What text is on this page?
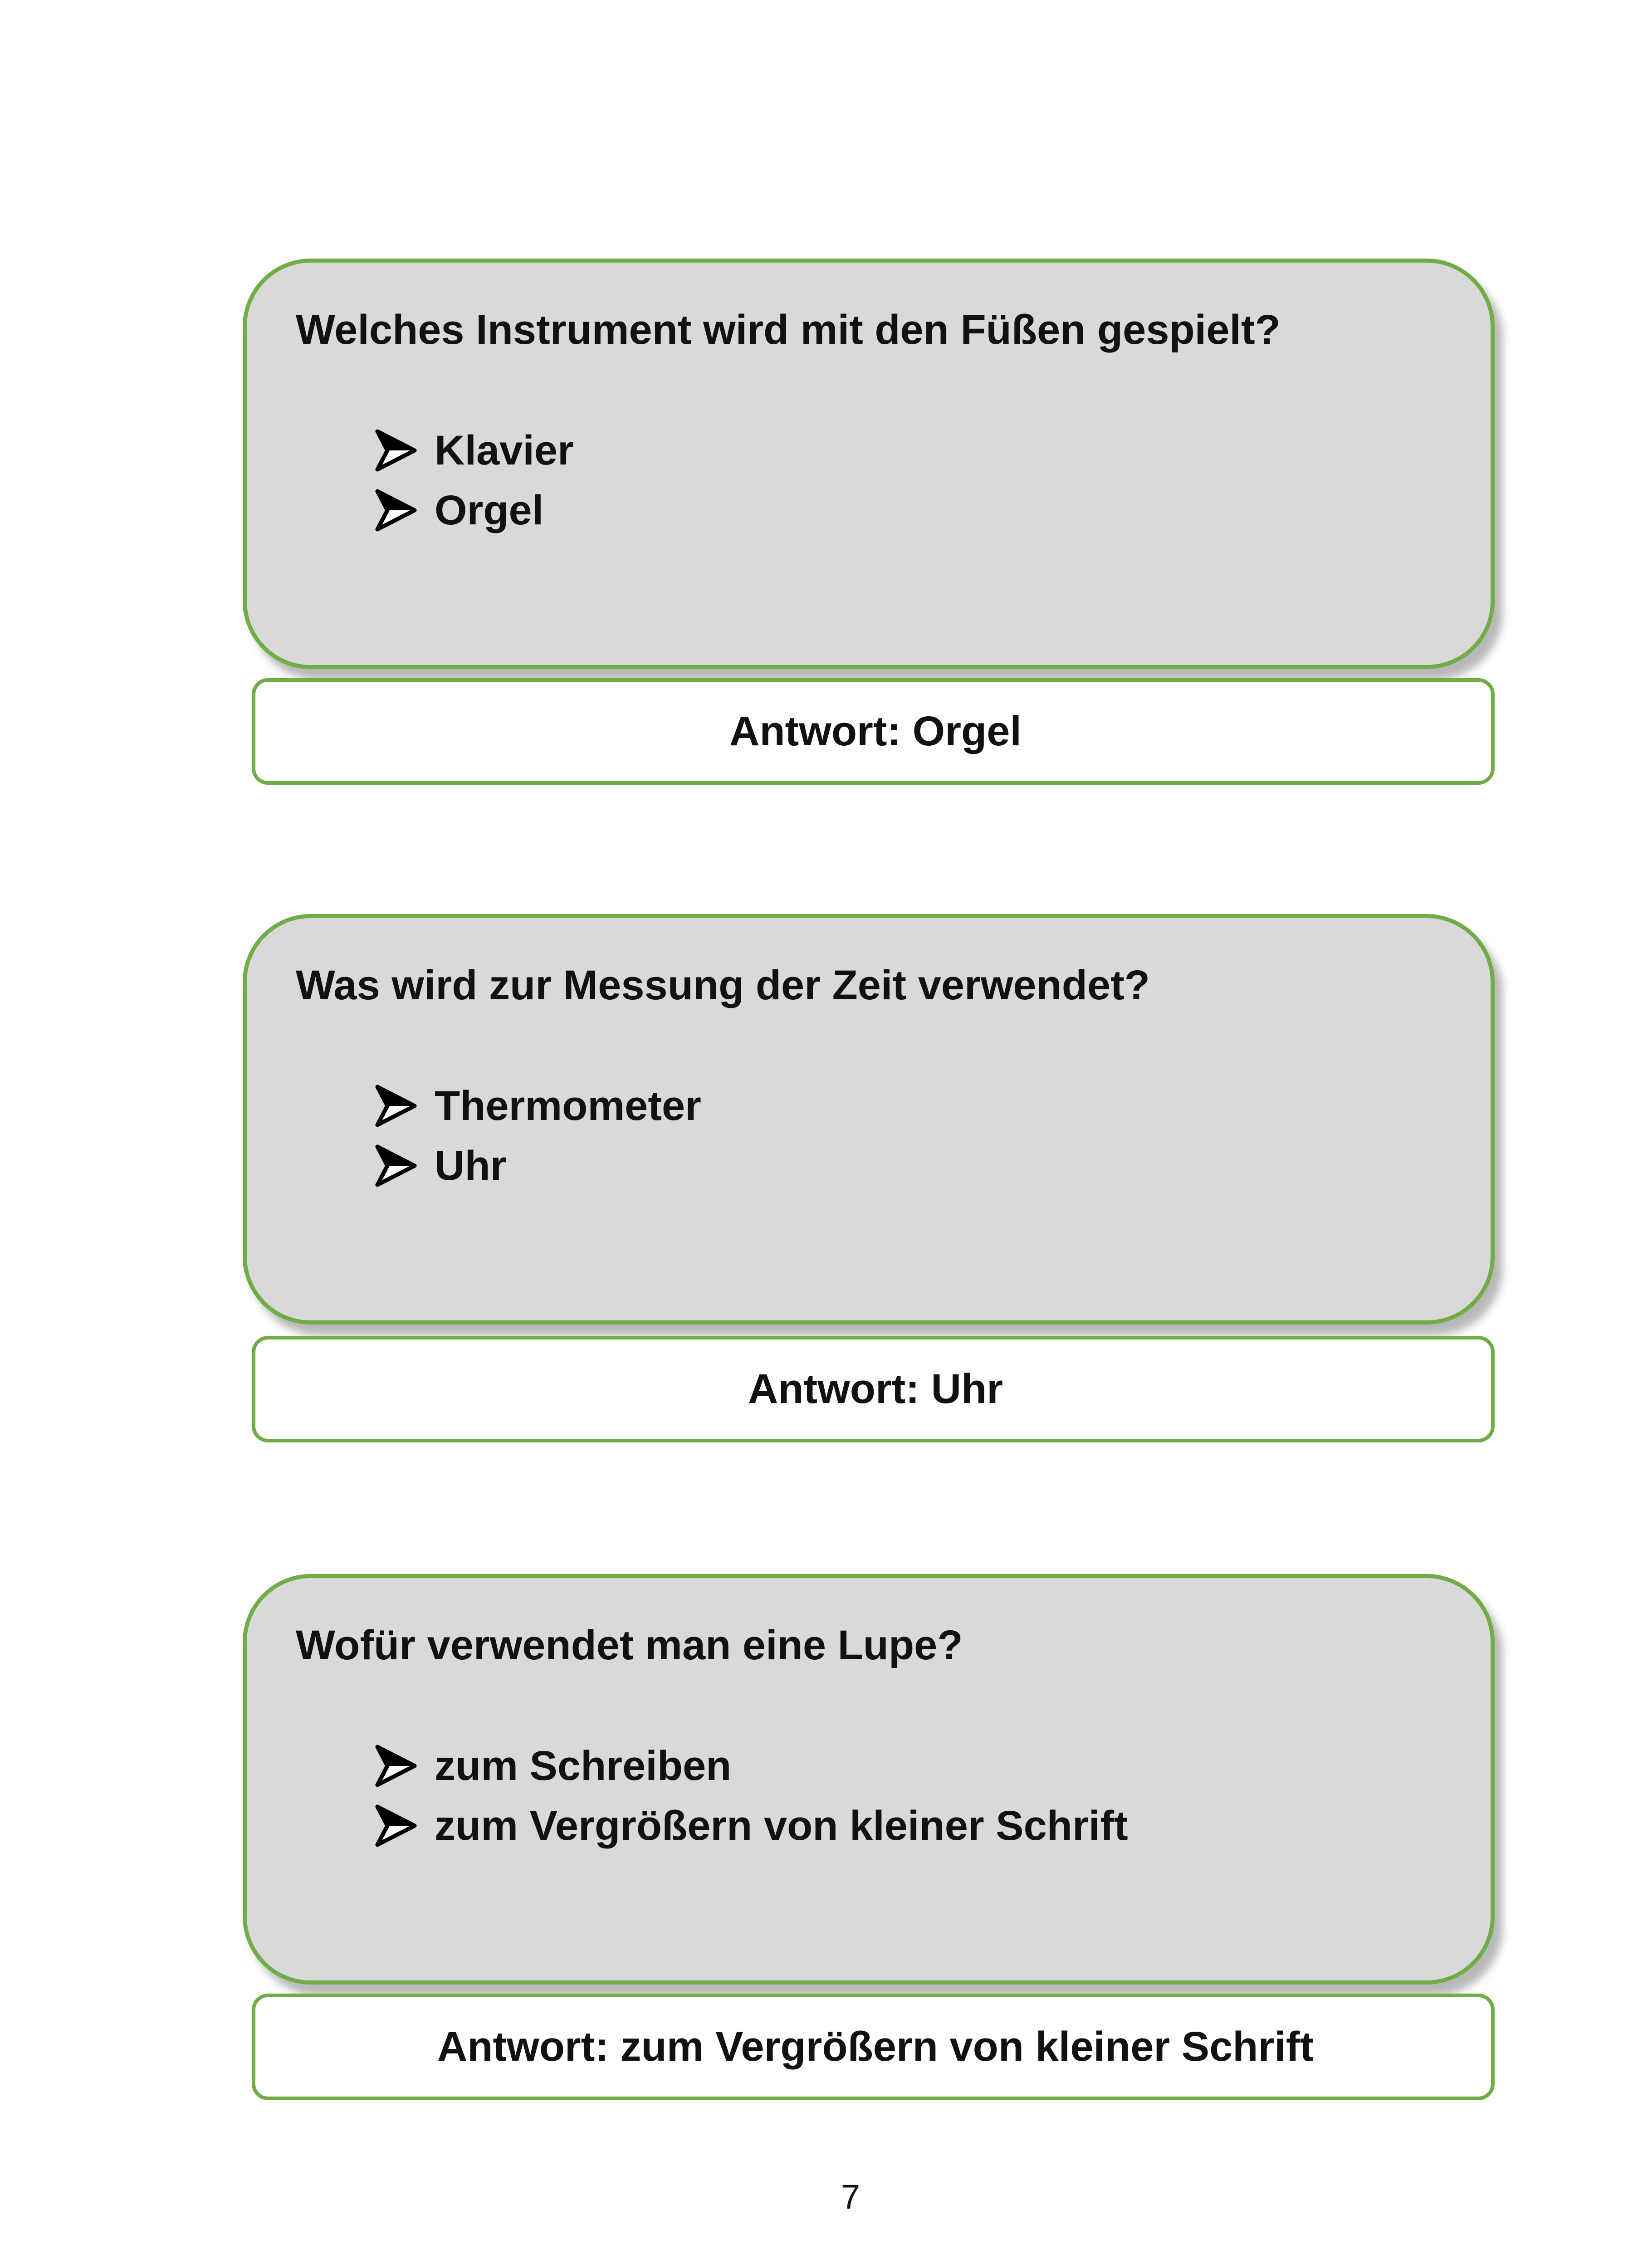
Welches Instrument wird mit den Füßen gespielt?
Klavier
Orgel
Antwort: Orgel
Was wird zur Messung der Zeit verwendet?
Thermometer
Uhr
Antwort: Uhr
Wofür verwendet man eine Lupe?
zum Schreiben
zum Vergrößern von kleiner Schrift
Antwort: zum Vergrößern von kleiner Schrift
7
